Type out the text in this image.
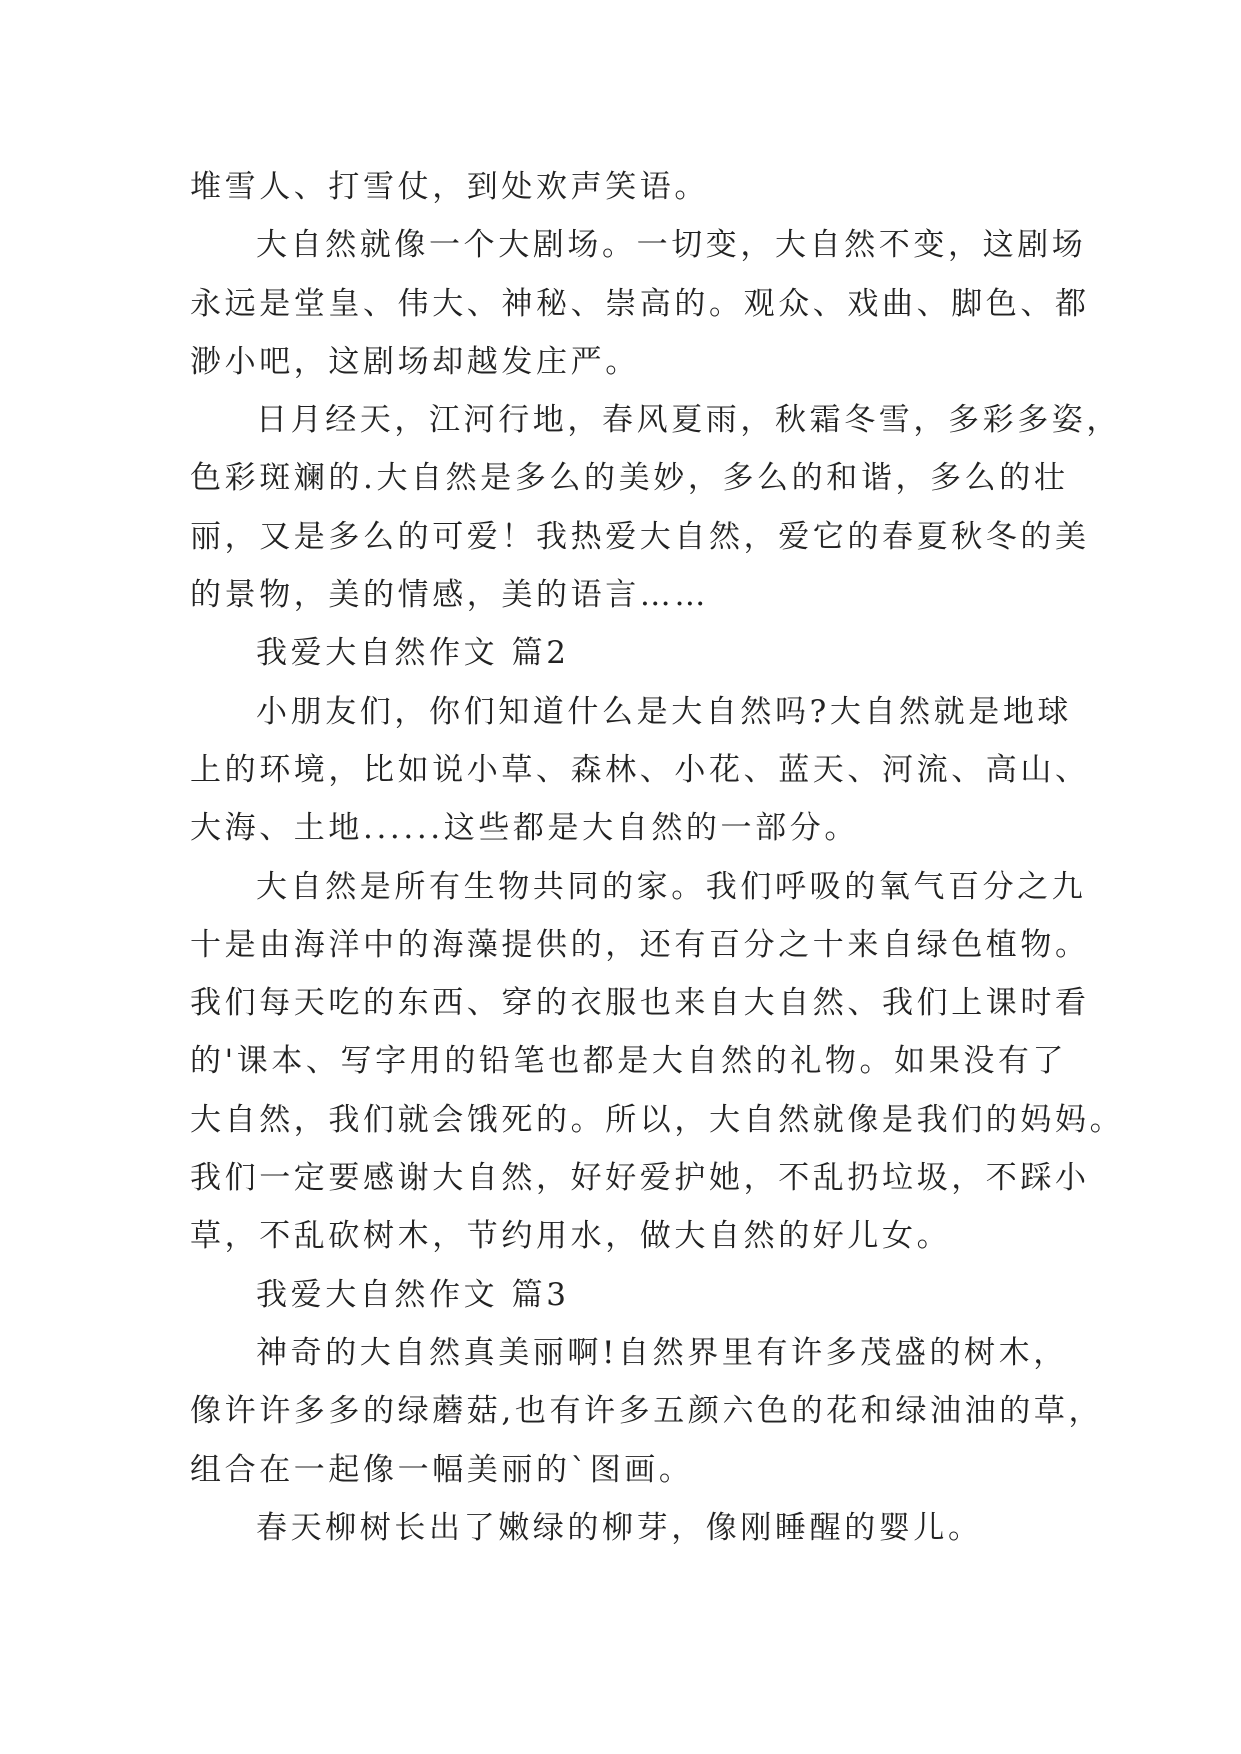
堆雪人、打雪仗，到处欢声笑语。
大自然就像一个大剧场。一切变，大自然不变，这剧场
永远是堂皇、伟大、神秘、崇高的。观众、戏曲、脚色、都
渺小吧，这剧场却越发庄严。
日月经天，江河行地，春风夏雨，秋霜冬雪，多彩多姿，
色彩斑斓的.大自然是多么的美妙，多么的和谐，多么的壮
丽，又是多么的可爱！我热爱大自然，爱它的春夏秋冬的美
的景物，美的情感，美的语言……
我爱大自然作文 篇2
小朋友们，你们知道什么是大自然吗?大自然就是地球
上的环境，比如说小草、森林、小花、蓝天、河流、高山、
大海、土地......这些都是大自然的一部分。
大自然是所有生物共同的家。我们呼吸的氧气百分之九
十是由海洋中的海藻提供的，还有百分之十来自绿色植物。
我们每天吃的东西、穿的衣服也来自大自然、我们上课时看
的'课本、写字用的铅笔也都是大自然的礼物。如果没有了
大自然，我们就会饿死的。所以，大自然就像是我们的妈妈。
我们一定要感谢大自然，好好爱护她，不乱扔垃圾，不踩小
草，不乱砍树木，节约用水，做大自然的好儿女。
我爱大自然作文 篇3
神奇的大自然真美丽啊!自然界里有许多茂盛的树木，
像许许多多的绿蘑菇,也有许多五颜六色的花和绿油油的草，
组合在一起像一幅美丽的`图画。
春天柳树长出了嫩绿的柳芽，像刚睡醒的婴儿。
